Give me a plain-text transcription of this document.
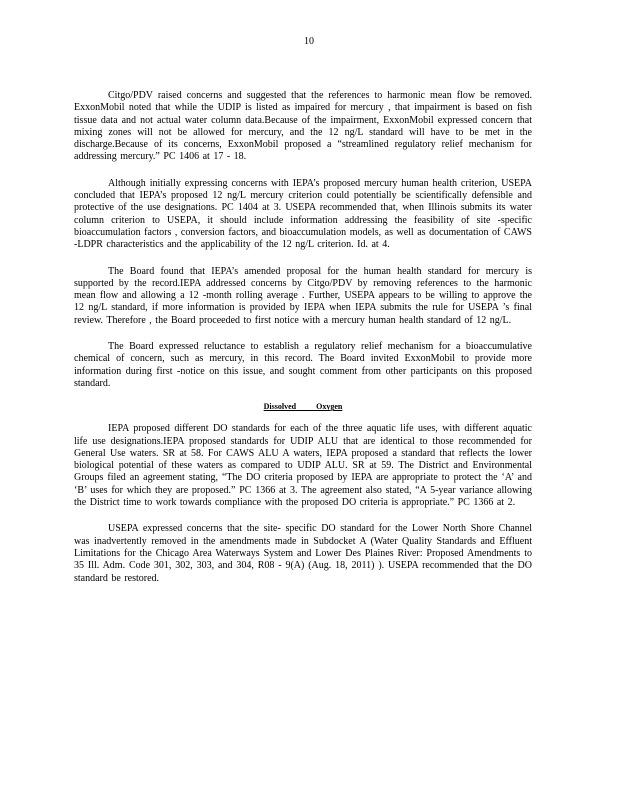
10

Citgo/PDV raised concerns and suggested that the references to harmonic mean flow be removed. ExxonMobil noted that while the UDIP is listed as impaired for mercury , that impairment is based on fish tissue data and not actual water column data.Because of the impairment, ExxonMobil expressed concern that mixing zones will not be allowed for mercury, and the 12 ng/L standard will have to be met in the discharge.Because of its concerns, ExxonMobil proposed a “streamlined regulatory relief mechanism for addressing mercury.” PC 1406 at 17 - 18.

Although initially expressing concerns with IEPA’s proposed mercury human health criterion, USEPA concluded that IEPA’s proposed 12 ng/L mercury criterion could potentially be scientifically defensible and protective of the use designations. PC 1404 at 3. USEPA recommended that, when Illinois submits its water column criterion to USEPA, it should include information addressing the feasibility of site -specific bioaccumulation factors , conversion factors, and bioaccumulation models, as well as documentation of CAWS -LDPR characteristics and the applicability of the 12 ng/L criterion. Id. at 4.

The Board found that IEPA’s amended proposal for the human health standard for mercury is supported by the record.IEPA addressed concerns by Citgo/PDV by removing references to the harmonic mean flow and allowing a 12 -month rolling average . Further, USEPA appears to be willing to approve the 12 ng/L standard, if more information is provided by IEPA when IEPA submits the rule for USEPA ’s final review. Therefore , the Board proceeded to first notice with a mercury human health standard of 12 ng/L.

The Board expressed reluctance to establish a regulatory relief mechanism for a bioaccumulative chemical of concern, such as mercury, in this record. The Board invited ExxonMobil to provide more information during first -notice on this issue, and sought comment from other participants on this proposed standard.

Dissolved Oxygen

IEPA proposed different DO standards for each of the three aquatic life uses, with different aquatic life use designations.IEPA proposed standards for UDIP ALU that are identical to those recommended for General Use waters. SR at 58. For CAWS ALU A waters, IEPA proposed a standard that reflects the lower biological potential of these waters as compared to UDIP ALU. SR at 59. The District and Environmental Groups filed an agreement stating, “The DO criteria proposed by IEPA are appropriate to protect the ‘A’ and ‘B’ uses for which they are proposed.” PC 1366 at 3. The agreement also stated, “A 5-year variance allowing the District time to work towards compliance with the proposed DO criteria is appropriate.” PC 1366 at 2.

USEPA expressed concerns that the site- specific DO standard for the Lower North Shore Channel was inadvertently removed in the amendments made in Subdocket A (Water Quality Standards and Effluent Limitations for the Chicago Area Waterways System and Lower Des Plaines River: Proposed Amendments to 35 Ill. Adm. Code 301, 302, 303, and 304, R08 - 9(A) (Aug. 18, 2011) ). USEPA recommended that the DO standard be restored.
